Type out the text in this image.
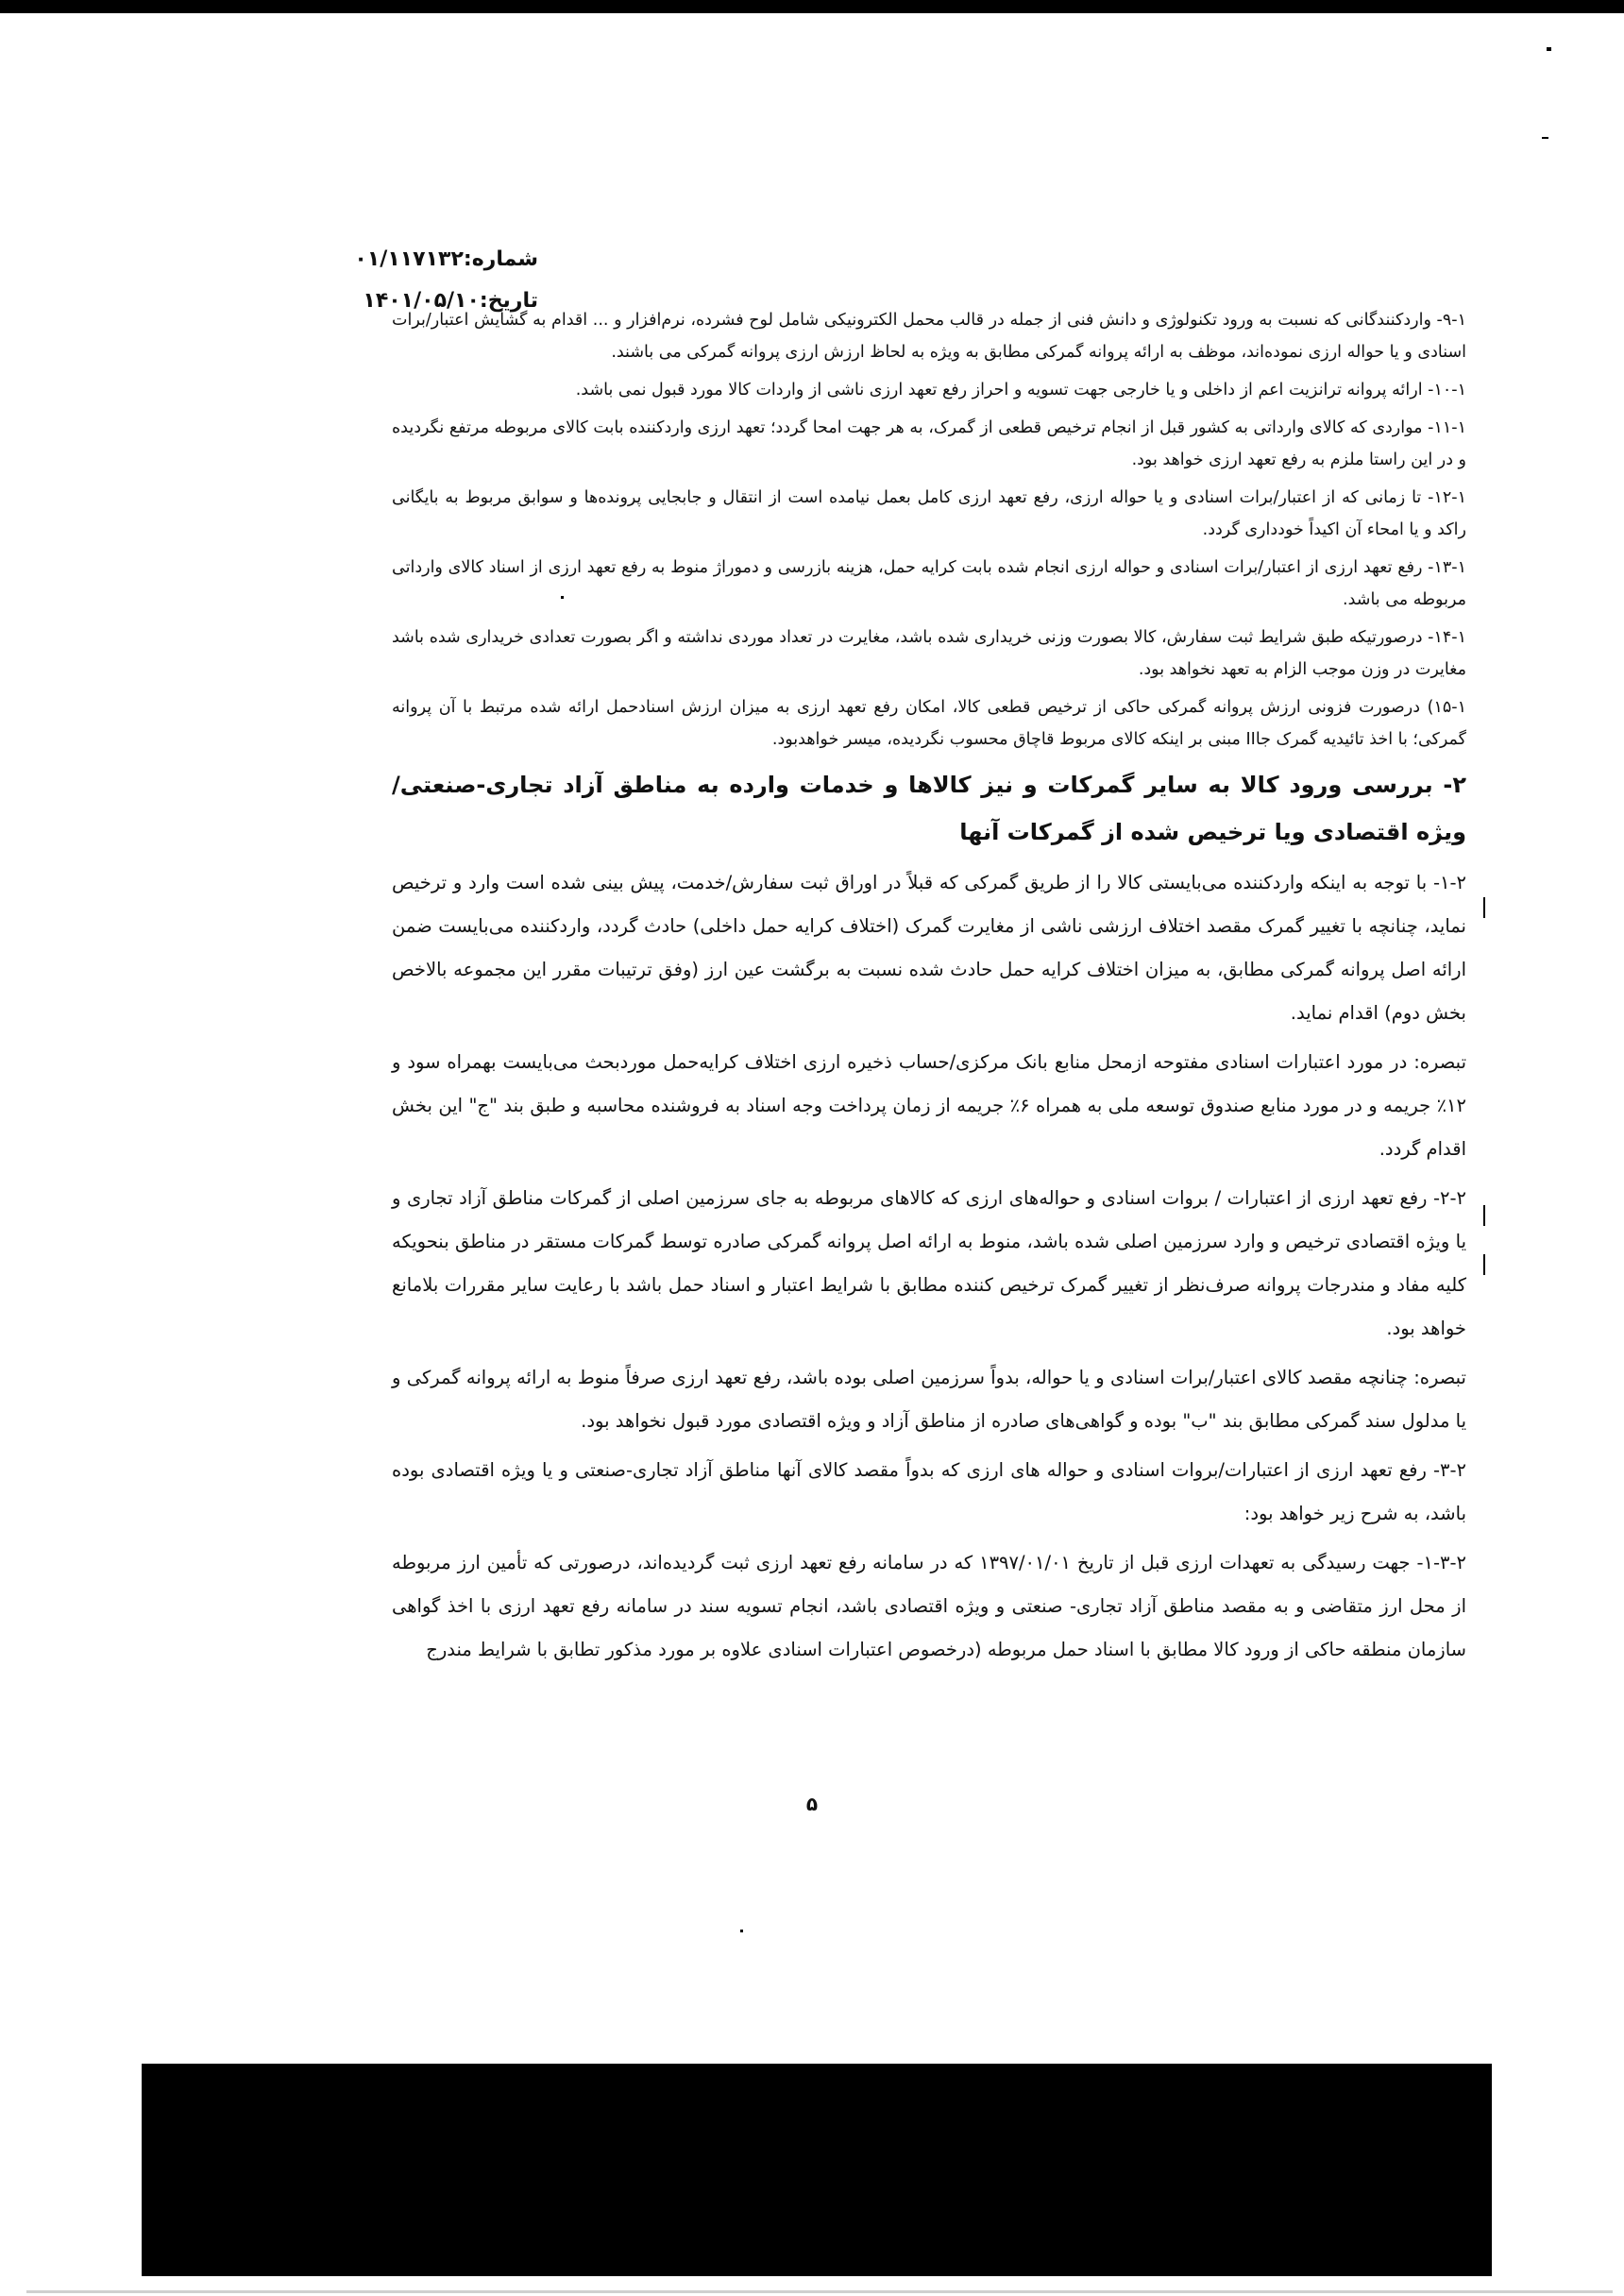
شماره:۰۱/۱۱۷۱۳۲
تاریخ:۱۴۰۱/۰۵/۱۰

۹-۱- واردکنندگانی که نسبت به ورود تکنولوژی و دانش فنی از جمله در قالب محمل الکترونیکی شامل لوح فشرده، نرم‌افزار و ... اقدام به گشایش اعتبار/برات اسنادی و یا حواله ارزی نموده‌اند، موظف به ارائه پروانه گمرکی مطابق به ویژه به لحاظ ارزش ارزی پروانه گمرکی می باشند.

۱۰-۱- ارائه پروانه ترانزیت اعم از داخلی و یا خارجی جهت تسویه و احراز رفع تعهد ارزی ناشی از واردات کالا مورد قبول نمی باشد.

۱۱-۱- مواردی که کالای وارداتی به کشور قبل از انجام ترخیص قطعی از گمرک، به هر جهت امحا گردد؛ تعهد ارزی واردکننده بابت کالای مربوطه مرتفع نگردیده و در این راستا ملزم به رفع تعهد ارزی خواهد بود.

۱۲-۱- تا زمانی که از اعتبار/برات اسنادی و یا حواله ارزی، رفع تعهد ارزی کامل بعمل نیامده است از انتقال و جابجایی پرونده‌ها و سوابق مربوط به بایگانی راکد و یا امحاء آن اکیداً خودداری گردد.

۱۳-۱- رفع تعهد ارزی از اعتبار/برات اسنادی و حواله ارزی انجام شده بابت کرایه حمل، هزینه بازرسی و دموراژ منوط به رفع تعهد ارزی از اسناد کالای وارداتی مربوطه می باشد.

۱۴-۱- درصورتیکه طبق شرایط ثبت سفارش، کالا بصورت وزنی خریداری شده باشد، مغایرت در تعداد موردی نداشته و اگر بصورت تعدادی خریداری شده باشد مغایرت در وزن موجب الزام به تعهد نخواهد بود.

۱۵-۱) درصورت فزونی ارزش پروانه گمرکی حاکی از ترخیص قطعی کالا، امکان رفع تعهد ارزی به میزان ارزش اسنادحمل ارائه شده مرتبط با آن پروانه گمرکی؛ با اخذ تائیدیه گمرک جاII مبنی بر اینکه کالای مربوط قاچاق محسوب نگردیده، میسر خواهدبود.

۲- بررسی ورود کالا به سایر گمرکات و نیز کالاها و خدمات وارده به مناطق آزاد تجاری-صنعتی/ویژه اقتصادی ویا ترخیص شده از گمرکات آنها

۱-۲- با توجه به اینکه واردکننده می‌بایستی کالا را از طریق گمرکی که قبلاً در اوراق ثبت سفارش/خدمت، پیش بینی شده است وارد و ترخیص نماید، چنانچه با تغییر گمرک مقصد اختلاف ارزشی ناشی از مغایرت گمرک (اختلاف کرایه حمل داخلی) حادث گردد، واردکننده می‌بایست ضمن ارائه اصل پروانه گمرکی مطابق، به میزان اختلاف کرایه حمل حادث شده نسبت به برگشت عین ارز (وفق ترتیبات مقرر این مجموعه بالاخص بخش دوم) اقدام نماید.

تبصره: در مورد اعتبارات اسنادی مفتوحه ازمحل منابع بانک مرکزی/حساب ذخیره ارزی اختلاف کرایه‌حمل موردبحث می‌بایست بهمراه سود و ۱۲٪ جریمه و در مورد منابع صندوق توسعه ملی به همراه ۶٪ جریمه از زمان پرداخت وجه اسناد به فروشنده محاسبه و طبق بند "ج" این بخش اقدام گردد.

۲-۲- رفع تعهد ارزی از اعتبارات / بروات اسنادی و حواله‌های ارزی که کالاهای مربوطه به جای سرزمین اصلی از گمرکات مناطق آزاد تجاری و یا ویژه اقتصادی ترخیص و وارد سرزمین اصلی شده باشد، منوط به ارائه اصل پروانه گمرکی صادره توسط گمرکات مستقر در مناطق بنحویکه کلیه مفاد و مندرجات پروانه صرف‌نظر از تغییر گمرک ترخیص کننده مطابق با شرایط اعتبار و اسناد حمل باشد با رعایت سایر مقررات بلامانع خواهد بود.

تبصره: چنانچه مقصد کالای اعتبار/برات اسنادی و یا حواله، بدواً سرزمین اصلی بوده باشد، رفع تعهد ارزی صرفاً منوط به ارائه پروانه گمرکی و یا مدلول سند گمرکی مطابق بند "ب" بوده و گواهی‌های صادره از مناطق آزاد و ویژه اقتصادی مورد قبول نخواهد بود.

۳-۲- رفع تعهد ارزی از اعتبارات/بروات اسنادی و حواله های ارزی که بدواً مقصد کالای آنها مناطق آزاد تجاری-صنعتی و یا ویژه اقتصادی بوده باشد، به شرح زیر خواهد بود:

۱-۳-۲- جهت رسیدگی به تعهدات ارزی قبل از تاریخ ۱۳۹۷/۰۱/۰۱ که در سامانه رفع تعهد ارزی ثبت گردیده‌اند، درصورتی که تأمین ارز مربوطه از محل ارز متقاضی و به مقصد مناطق آزاد تجاری- صنعتی و ویژه اقتصادی باشد، انجام تسویه سند در سامانه رفع تعهد ارزی با اخذ گواهی سازمان منطقه حاکی از ورود کالا مطابق با اسناد حمل مربوطه (درخصوص اعتبارات اسنادی علاوه بر مورد مذکور تطابق با شرایط مندرج

۵
